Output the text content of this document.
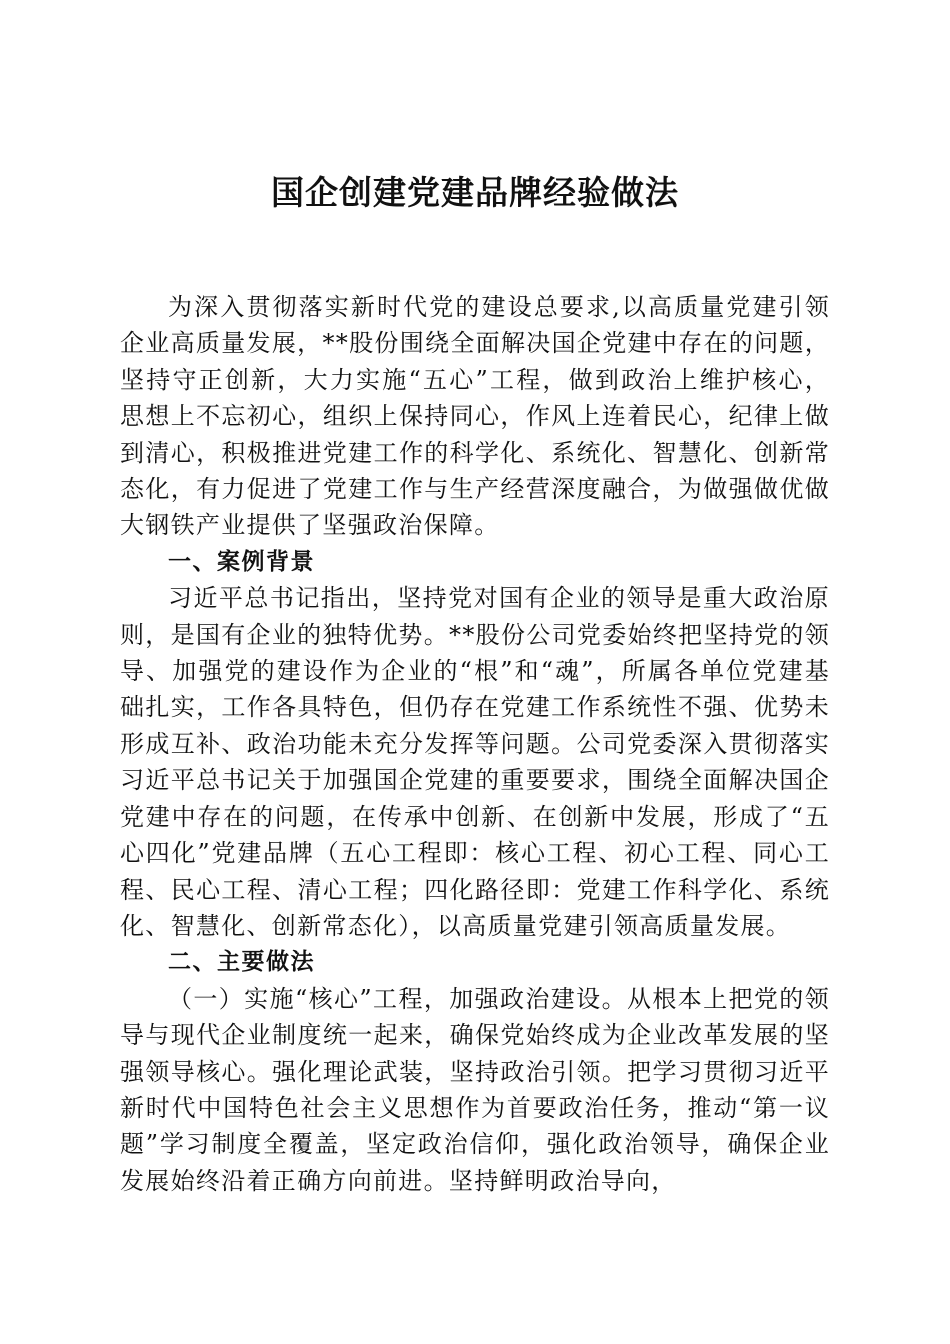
国企创建党建品牌经验做法

为深入贯彻落实新时代党的建设总要求,以高质量党建引领企业高质量发展，**股份围绕全面解决国企党建中存在的问题，坚持守正创新，大力实施“五心”工程，做到政治上维护核心，思想上不忘初心，组织上保持同心，作风上连着民心，纪律上做到清心，积极推进党建工作的科学化、系统化、智慧化、创新常态化，有力促进了党建工作与生产经营深度融合，为做强做优做大钢铁产业提供了坚强政治保障。

一、案例背景

习近平总书记指出，坚持党对国有企业的领导是重大政治原则，是国有企业的独特优势。**股份公司党委始终把坚持党的领导、加强党的建设作为企业的“根”和“魂”，所属各单位党建基础扎实，工作各具特色，但仍存在党建工作系统性不强、优势未形成互补、政治功能未充分发挥等问题。公司党委深入贯彻落实习近平总书记关于加强国企党建的重要要求，围绕全面解决国企党建中存在的问题，在传承中创新、在创新中发展，形成了“五心四化”党建品牌（五心工程即：核心工程、初心工程、同心工程、民心工程、清心工程；四化路径即：党建工作科学化、系统化、智慧化、创新常态化），以高质量党建引领高质量发展。

二、主要做法

（一）实施“核心”工程，加强政治建设。从根本上把党的领导与现代企业制度统一起来，确保党始终成为企业改革发展的坚强领导核心。强化理论武装，坚持政治引领。把学习贯彻习近平新时代中国特色社会主义思想作为首要政治任务，推动“第一议题”学习制度全覆盖，坚定政治信仰，强化政治领导，确保企业发展始终沿着正确方向前进。坚持鲜明政治导向，
